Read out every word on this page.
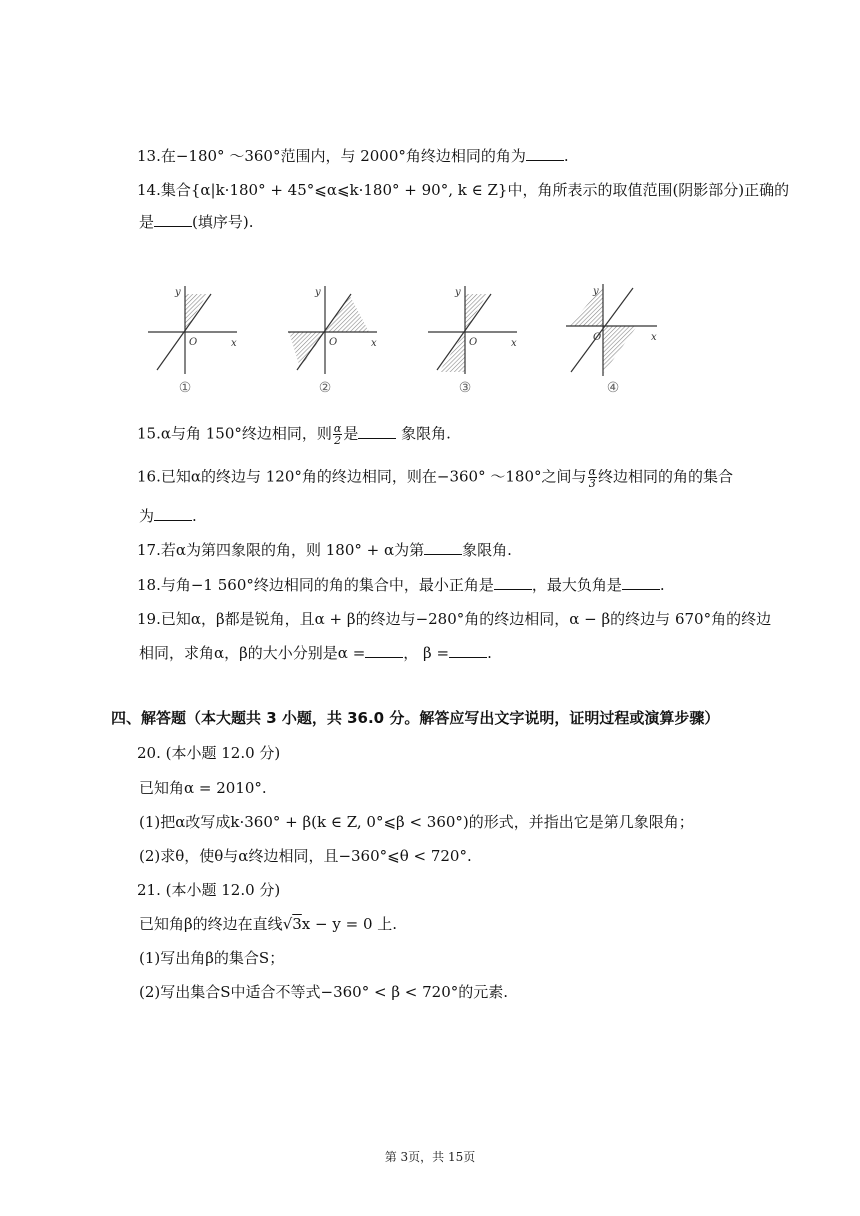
13.在−180° ～360°范围内，与 2000°角终边相同的角为	.
14.集合{α|k·180° + 45°⩽α⩽k·180° + 90°, k ∈ Z}中，角所表示的取值范围(阴影部分)正确的
是	(填序号).
y
x
O
①
y
x
O
②
y
x
O
③
y
x
O
④
15.α与角 150°终边相同，则 $\frac{\alpha}{2}$ 是	象限角.
16.已知α的终边与 120°角的终边相同，则在−360° ～180°之间与 $\frac{\alpha}{3}$ 终边相同的角的集合
为	.
17.若α为第四象限的角，则 180° + α为第	象限角.
18.与角−1 560°终边相同的角的集合中，最小正角是	，最大负角是	.
19.已知α，β都是锐角，且α + β的终边与−280°角的终边相同，α − β的终边与 670°角的终边
相同，求角α，β的大小分别是α =	， β =	.
四、解答题（本大题共 3 小题，共 36.0 分。解答应写出文字说明，证明过程或演算步骤）
20. (本小题 12.0 分)
已知角α = 2010°.
(1)把α改写成k·360° + β(k ∈ Z, 0°⩽β < 360°)的形式，并指出它是第几象限角；
(2)求θ，使θ与α终边相同，且−360°⩽θ < 720°.
21. (本小题 12.0 分)
已知角β的终边在直线√3x − y = 0 上.
(1)写出角β的集合S；
(2)写出集合S中适合不等式−360° < β < 720°的元素.
第 3页，共 15页
